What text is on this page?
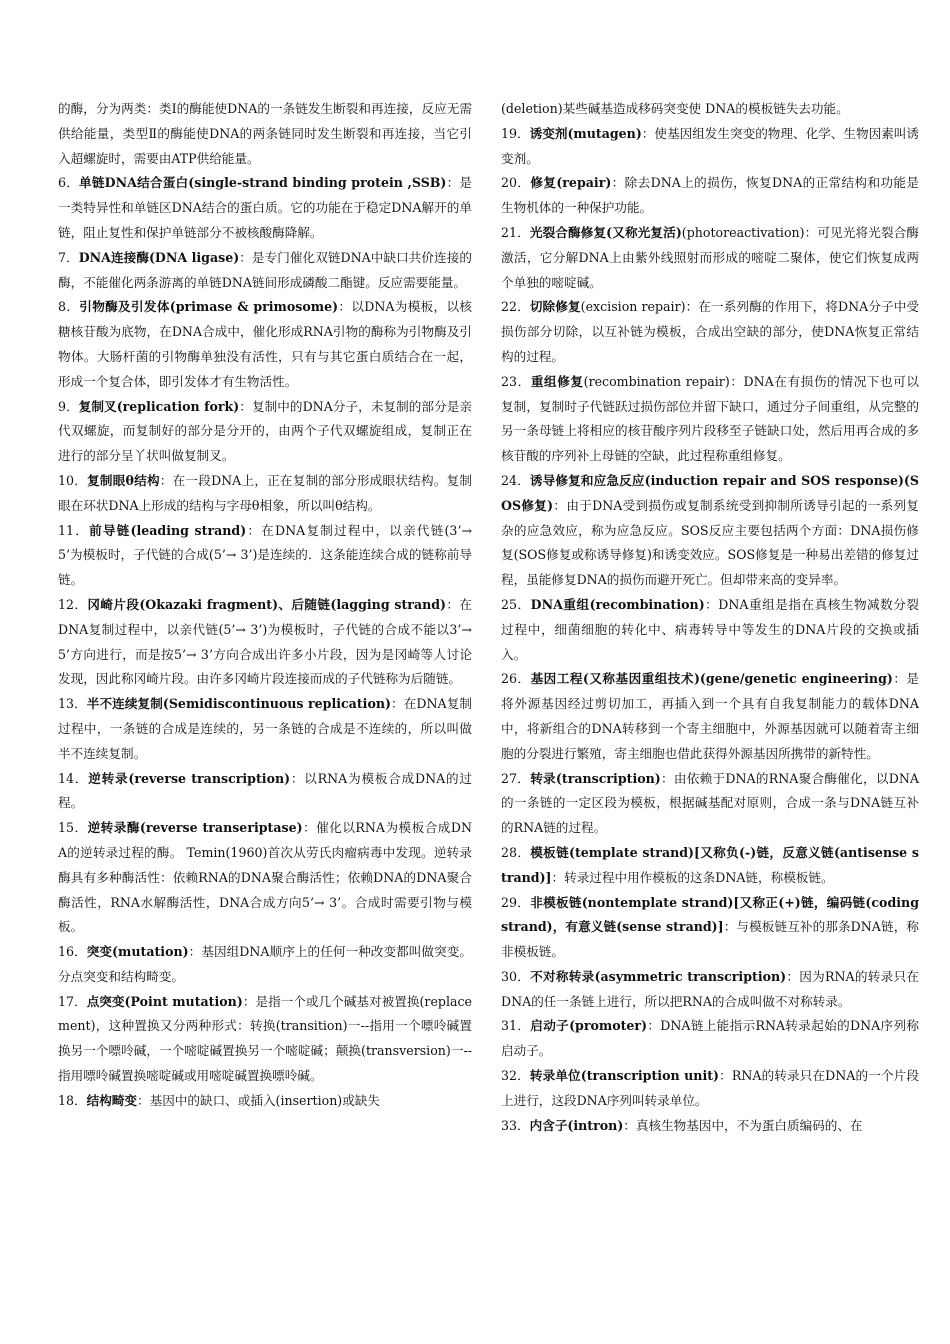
的酶，分为两类：类Ⅰ的酶能使DNA的一条链发生断裂和再连接，反应无需供给能量，类型Ⅱ的酶能使DNA的两条链同时发生断裂和再连接，当它引入超螺旋时，需要由ATP供给能量。

6．单链DNA结合蛋白(single-strand binding protein ,SSB)：是一类特异性和单链区DNA结合的蛋白质。它的功能在于稳定DNA解开的单链，阻止复性和保护单链部分不被核酸酶降解。

7．DNA连接酶(DNA ligase)：是专门催化双链DNA中缺口共价连接的酶，不能催化两条游离的单链DNA链间形成磷酸二酯键。反应需要能量。

8．引物酶及引发体(primase & primosome)：以DNA为模板，以核糖核苷酸为底物，在DNA合成中，催化形成RNA引物的酶称为引物酶及引物体。大肠杆菌的引物酶单独没有活性，只有与其它蛋白质结合在一起，形成一个复合体，即引发体才有生物活性。

9．复制叉(replication fork)：复制中的DNA分子，未复制的部分是亲代双螺旋，而复制好的部分是分开的，由两个子代双螺旋组成，复制正在进行的部分呈丫状叫做复制叉。

10．复制眼θ结构：在一段DNA上，正在复制的部分形成眼状结构。复制眼在环状DNA上形成的结构与字母θ相象，所以叫θ结构。

11．前导链(leading strand)：在DNA复制过程中，以亲代链(3’→ 5’为模板时，子代链的合成(5’→ 3’)是连续的．这条能连续合成的链称前导链。

12．冈崎片段(Okazaki fragment)、后随链(lagging strand)：在DNA复制过程中，以亲代链(5’→ 3’)为模板时，子代链的合成不能以3’→ 5’方向进行，而是按5’→ 3’方向合成出许多小片段，因为是冈崎等人讨论发现，因此称冈崎片段。由许多冈崎片段连接而成的子代链称为后随链。

13．半不连续复制(Semidiscontinuous replication)：在DNA复制过程中，一条链的合成是连续的，另一条链的合成是不连续的，所以叫做半不连续复制。

14．逆转录(reverse transcription)：以RNA为模板合成DNA的过程。

15．逆转录酶(reverse transeriptase)：催化以RNA为模板合成DNA的逆转录过程的酶。 Temin(1960)首次从劳氏肉瘤病毒中发现。逆转录酶具有多种酶活性：依赖RNA的DNA聚合酶活性；依赖DNA的DNA聚合酶活性，RNA水解酶活性，DNA合成方向5’→ 3’。合成时需要引物与模板。

16．突变(mutation)：基因组DNA顺序上的任何一种改变都叫做突变。分点突变和结构畸变。

17．点突变(Point mutation)：是指一个或几个碱基对被置换(replacement)，这种置换又分两种形式：转换(transition)一--指用一个嘌呤碱置换另一个嘌呤碱，一个嘧啶碱置换另一个嘧啶碱；颠换(transversion)一--指用嘌呤碱置换嘧啶碱或用嘧啶碱置换嘌呤碱。

18．结构畸变：基因中的缺口、或插入(insertion)或缺失

(deletion)某些碱基造成移码突变使 DNA的模板链失去功能。

19．诱变剂(mutagen)：使基因组发生突变的物理、化学、生物因素叫诱变剂。

20．修复(repair)：除去DNA上的损伤，恢复DNA的正常结构和功能是生物机体的一种保护功能。

21．光裂合酶修复(又称光复活)(photoreactivation)：可见光将光裂合酶激活，它分解DNA上由紫外线照射而形成的嘧啶二聚体，使它们恢复成两个单独的嘧啶碱。

22．切除修复(excision repair)：在一系列酶的作用下，将DNA分子中受损伤部分切除，以互补链为模板，合成出空缺的部分，使DNA恢复正常结构的过程。

23．重组修复(recombination repair)：DNA在有损伤的情况下也可以复制，复制时子代链跃过损伤部位并留下缺口，通过分子间重组，从完整的另一条母链上将相应的核苷酸序列片段移至子链缺口处，然后用再合成的多核苷酸的序列补上母链的空缺，此过程称重组修复。

24．诱导修复和应急反应(induction repair and SOS response)(SOS修复)：由于DNA受到损伤或复制系统受到抑制所诱导引起的一系列复杂的应急效应，称为应急反应。SOS反应主要包括两个方面：DNA损伤修复(SOS修复或称诱导修复)和诱变效应。SOS修复是一种易出差错的修复过程，虽能修复DNA的损伤而避开死亡。但却带来高的变异率。

25．DNA重组(recombination)：DNA重组是指在真核生物减数分裂过程中，细菌细胞的转化中、病毒转导中等发生的DNA片段的交换或插入。

26．基因工程(又称基因重组技术)(gene/genetic engineering)：是将外源基因经过剪切加工，再插入到一个具有自我复制能力的载体DNA中，将新组合的DNA转移到一个寄主细胞中，外源基因就可以随着寄主细胞的分裂进行繁殖，寄主细胞也借此获得外源基因所携带的新特性。

27．转录(transcription)：由依赖于DNA的RNA聚合酶催化，以DNA的一条链的一定区段为模板，根据碱基配对原则，合成一条与DNA链互补的RNA链的过程。

28．模板链(template strand)[又称负(-)链，反意义链(antisense strand)]：转录过程中用作模板的这条DNA链，称模板链。

29．非模板链(nontemplate strand)[又称正(+)链，编码链(coding strand)，有意义链(sense strand)]：与模板链互补的那条DNA链，称非模板链。

30．不对称转录(asymmetric transcription)：因为RNA的转录只在DNA的任一条链上进行，所以把RNA的合成叫做不对称转录。

31．启动子(promoter)：DNA链上能指示RNA转录起始的DNA序列称启动子。

32．转录单位(transcription unit)：RNA的转录只在DNA的一个片段上进行，这段DNA序列叫转录单位。

33．内含子(intron)：真核生物基因中，不为蛋白质编码的、在
